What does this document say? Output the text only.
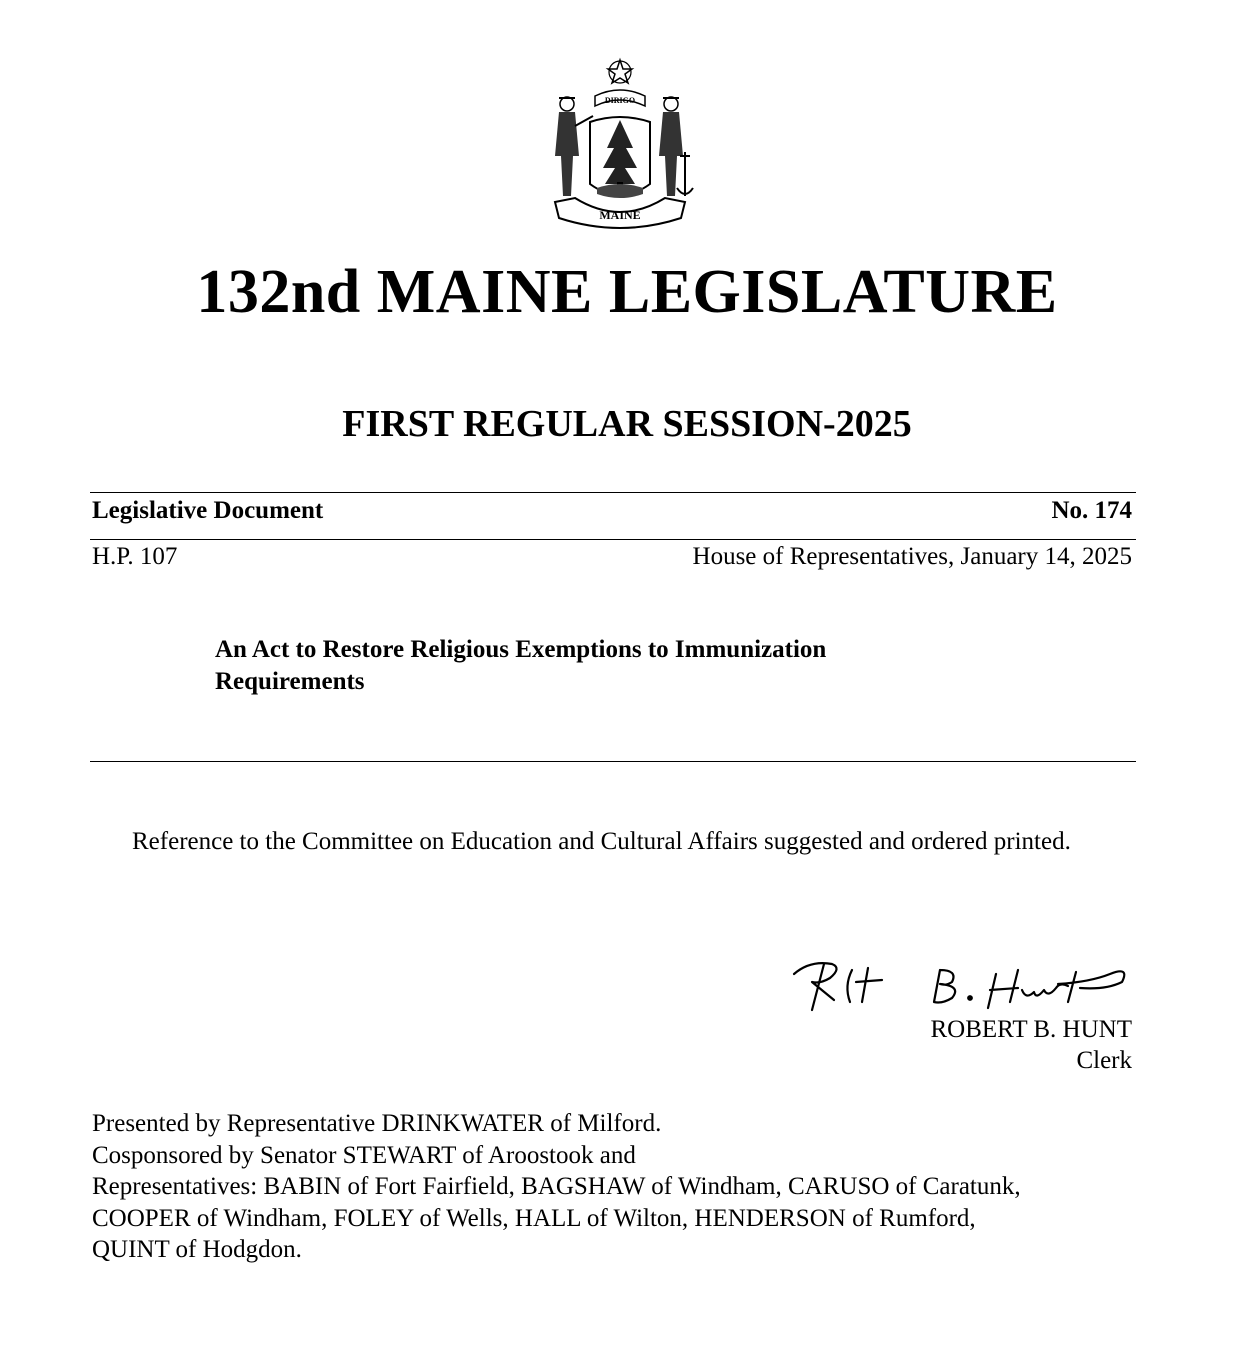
DIRIGO
MAINE
132nd MAINE LEGISLATURE
FIRST REGULAR SESSION-2025
Legislative Document	No. 174
H.P. 107	House of Representatives, January 14, 2025
An Act to Restore Religious Exemptions to Immunization
Requirements
Reference to the Committee on Education and Cultural Affairs suggested and ordered printed.
ROBERT B. HUNT
Clerk
Presented by Representative DRINKWATER of Milford.
Cosponsored by Senator STEWART of Aroostook and
Representatives: BABIN of Fort Fairfield, BAGSHAW of Windham, CARUSO of Caratunk,
COOPER of Windham, FOLEY of Wells, HALL of Wilton, HENDERSON of Rumford,
QUINT of Hodgdon.
